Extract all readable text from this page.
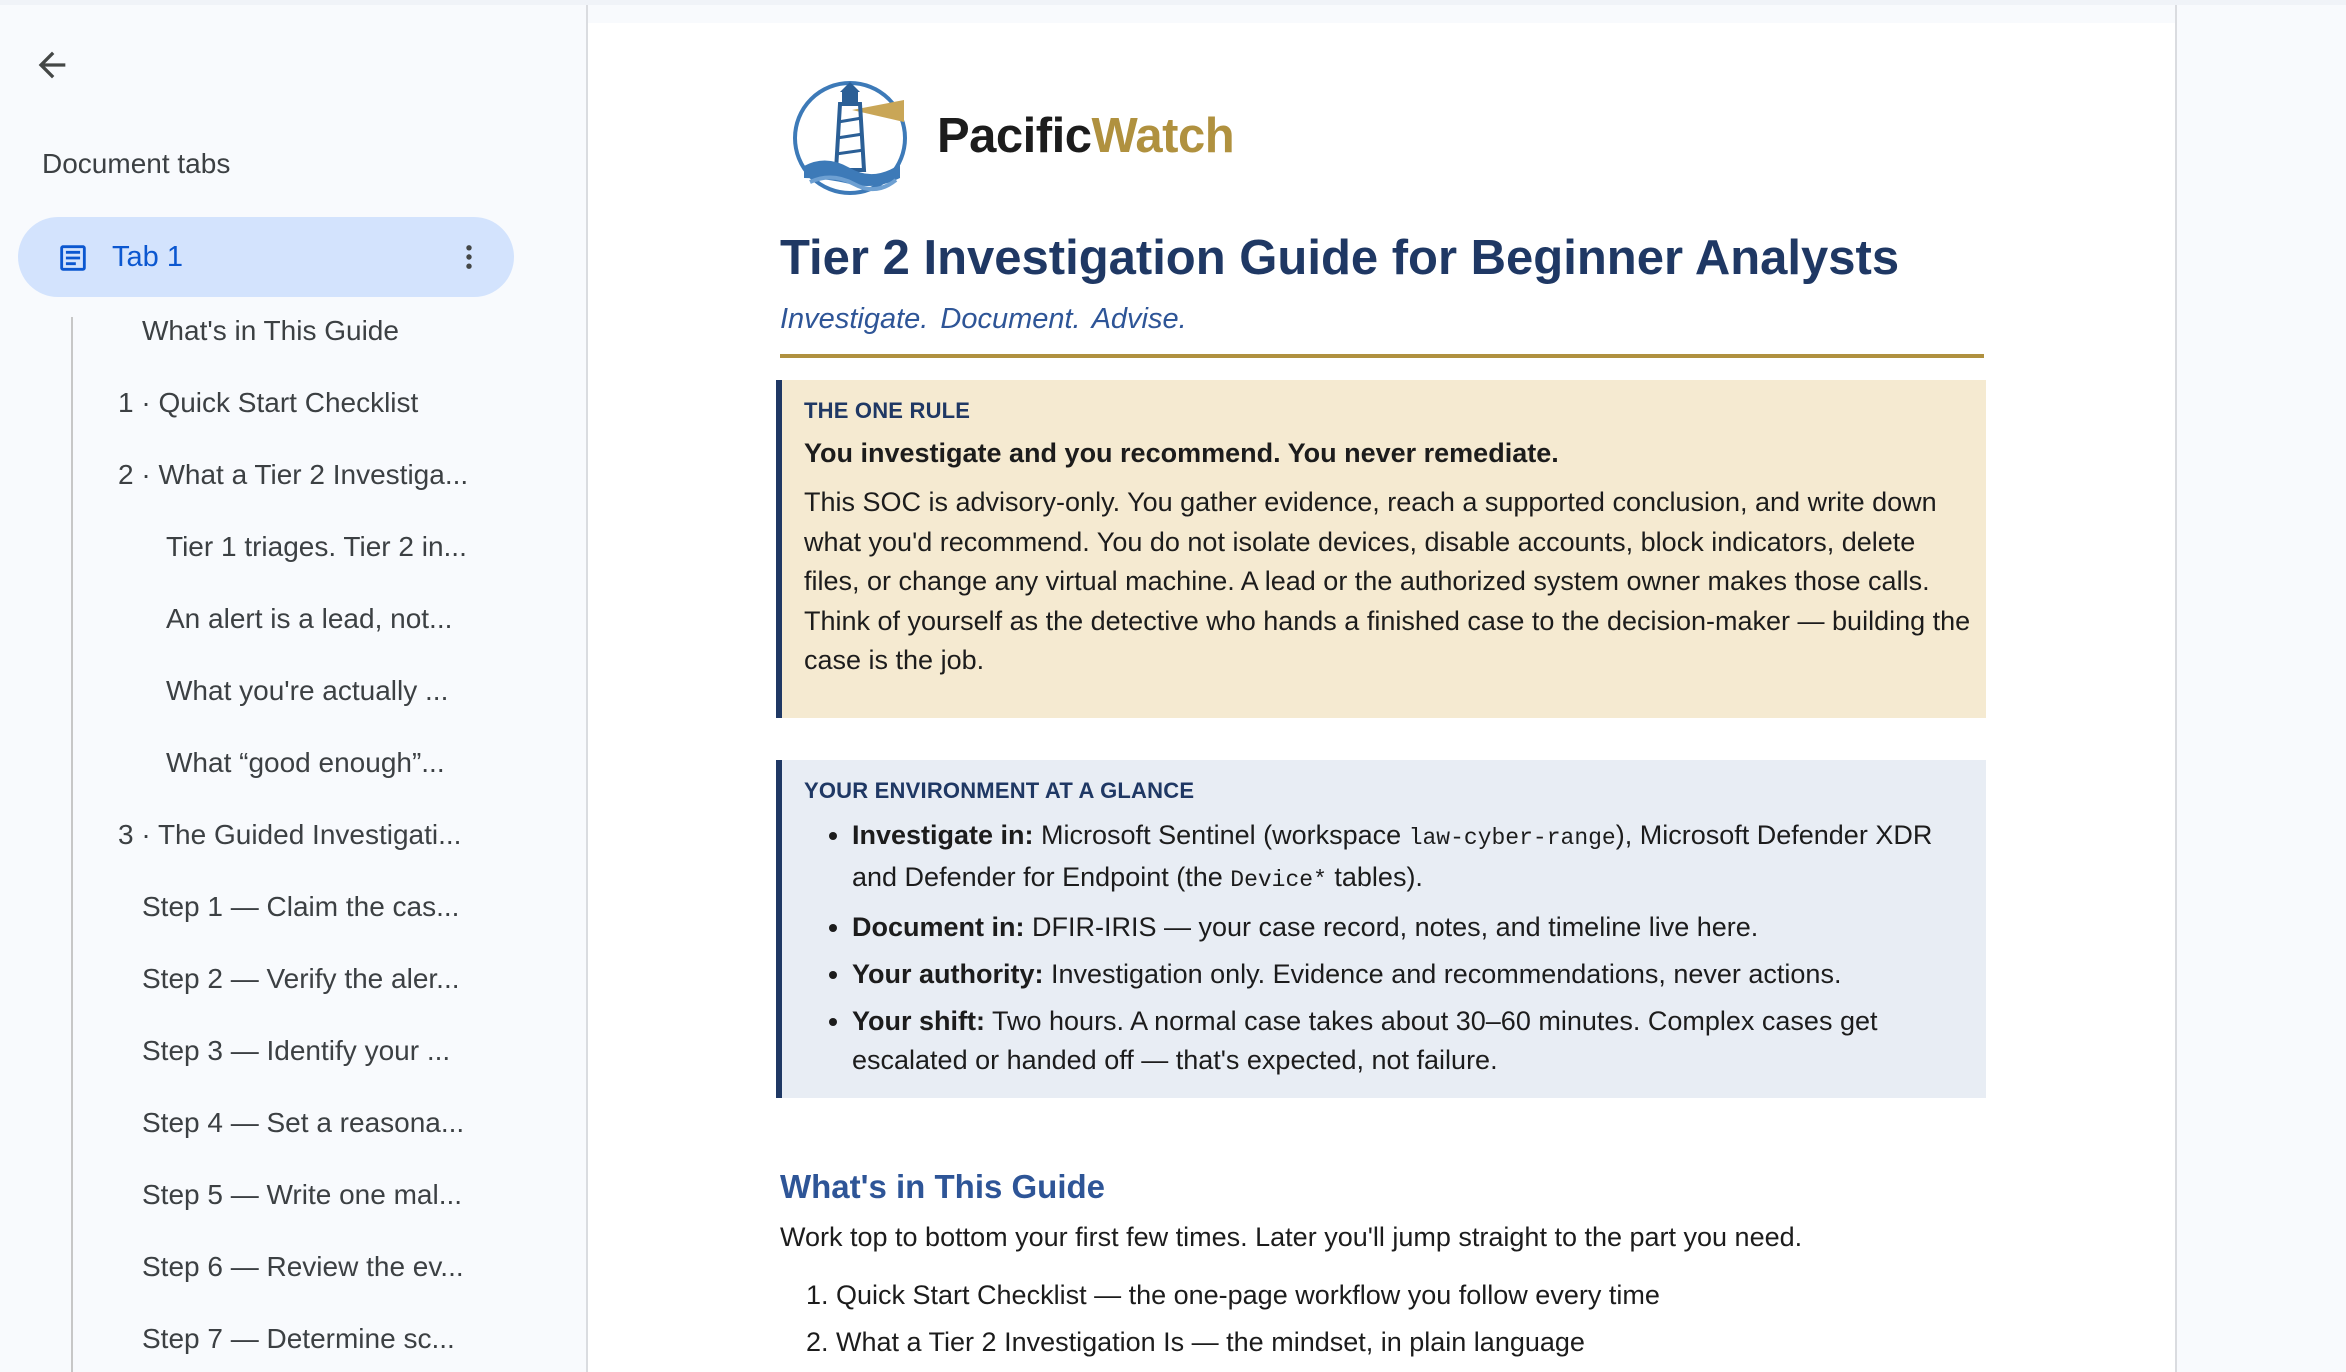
Document tabs
Tab 1
What's in This Guide
1 · Quick Start Checklist
2 · What a Tier 2 Investiga...
Tier 1 triages. Tier 2 in...
An alert is a lead, not...
What you're actually ...
What “good enough”...
3 · The Guided Investigati...
Step 1 — Claim the cas...
Step 2 — Verify the aler...
Step 3 — Identify your ...
Step 4 — Set a reasona...
Step 5 — Write one mal...
Step 6 — Review the ev...
Step 7 — Determine sc...
PacificWatch
Tier 2 Investigation Guide for Beginner Analysts
Investigate. Document. Advise.
THE ONE RULE
You investigate and you recommend. You never remediate.
This SOC is advisory-only. You gather evidence, reach a supported conclusion, and write down what you'd recommend. You do not isolate devices, disable accounts, block indicators, delete files, or change any virtual machine. A lead or the authorized system owner makes those calls. Think of yourself as the detective who hands a finished case to the decision-maker — building the case is the job.
YOUR ENVIRONMENT AT A GLANCE
• Investigate in: Microsoft Sentinel (workspace law-cyber-range), Microsoft Defender XDR and Defender for Endpoint (the Device* tables).
• Document in: DFIR-IRIS — your case record, notes, and timeline live here.
• Your authority: Investigation only. Evidence and recommendations, never actions.
• Your shift: Two hours. A normal case takes about 30–60 minutes. Complex cases get escalated or handed off — that's expected, not failure.
What's in This Guide

Work top to bottom your first few times. Later you'll jump straight to the part you need.

1. Quick Start Checklist — the one-page workflow you follow every time
2. What a Tier 2 Investigation Is — the mindset, in plain language
